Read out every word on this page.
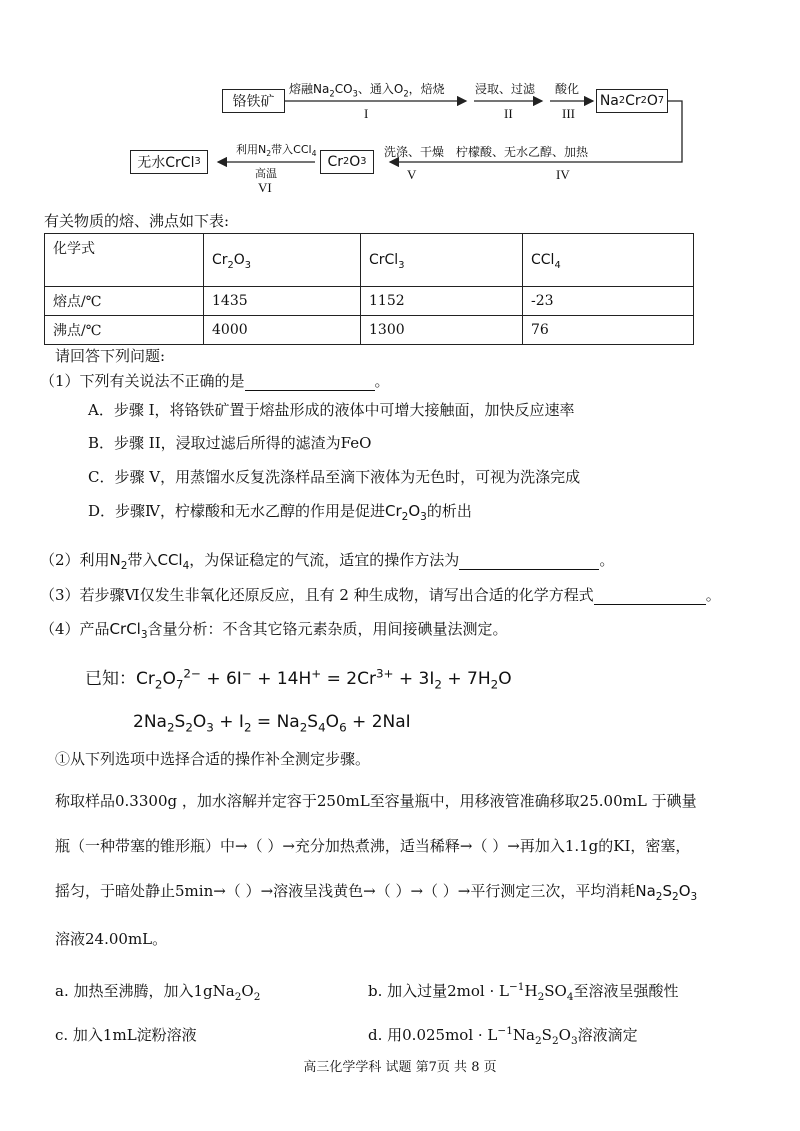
铬铁矿
熔融$Na_2CO_3$、通入$O_2$，焙烧
I
浸取、过滤
II
酸化
III
Na 2 Cr 2 O 7
柠檬酸、无水乙醇、加热
IV
Cr 2 O 3
洗涤、干燥
V
利用$N_2$带入CCl$_4$
高温
VI
无水CrCl 3
有关物质的熔、沸点如下表:
化学式	$Cr_2O_3$	CrCl$_3$	CCl$_4$
熔点/℃	1435	1152	-23
沸点/℃	4000	1300	76
请回答下列问题:
（1）下列有关说法不正确的是	。
A．步骤 I，将铬铁矿置于熔盐形成的液体中可增大接触面，加快反应速率
B．步骤 II，浸取过滤后所得的滤渣为FeO
C．步骤 V，用蒸馏水反复洗涤样品至滴下液体为无色时，可视为洗涤完成
D．步骤Ⅳ，柠檬酸和无水乙醇的作用是促进$Cr_2O_3$的析出
（2）利用$N_2$带入CCl$_4$，为保证稳定的气流，适宜的操作方法为	。
（3）若步骤Ⅵ仅发生非氧化还原反应，且有 2 种生成物，请写出合适的化学方程式	。
（4）产品CrCl$_3$含量分析：不含其它铬元素杂质，用间接碘量法测定。
已知：$Cr_2O_7^{2-} + 6I^- + 14H^+ = 2Cr^{3+} + 3I_2 + 7H_2O$
$2Na_2S_2O_3 + I_2 = Na_2S_4O_6 + 2NaI$
①从下列选项中选择合适的操作补全测定步骤。
称取样品0.3300g ，加水溶解并定容于250mL至容量瓶中，用移液管准确移取25.00mL 于碘量
瓶（一种带塞的锥形瓶）中→（ ）→充分加热煮沸，适当稀释→（ ）→再加入1.1g的KI，密塞，
摇匀，于暗处静止5min→（ ）→溶液呈浅黄色→（ ）→（ ）→平行测定三次，平均消耗$Na_2S_2O_3$
溶液24.00mL。
a. 加热至沸腾，加入$1gNa_2O_2$	b. 加入过量$2mol \cdot L^{-1}H_2SO_4$至溶液呈强酸性
c. 加入1mL淀粉溶液	d. 用$0.025mol \cdot L^{-1}Na_2S_2O_3$溶液滴定
高三化学学科 试题 第7页 共 8 页
